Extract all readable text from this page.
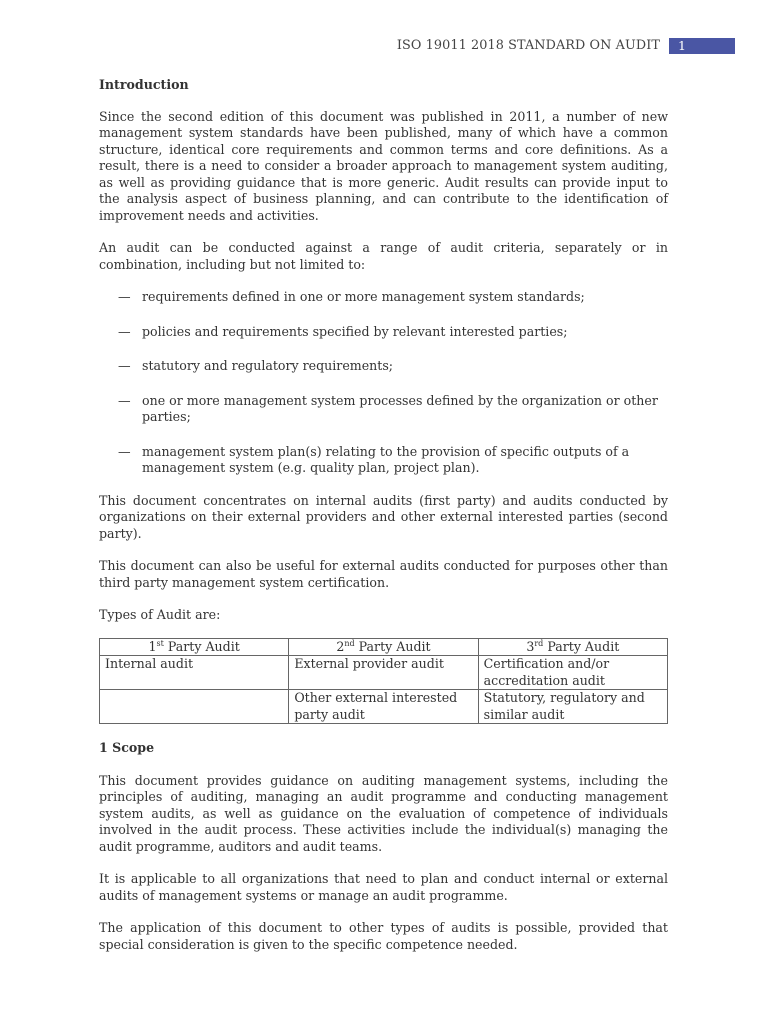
ISO 19011 2018 STANDARD ON AUDIT	1
Introduction

Since the second edition of this document was published in 2011, a number of new management system standards have been published, many of which have a common structure, identical core requirements and common terms and core definitions. As a result, there is a need to consider a broader approach to management system auditing, as well as providing guidance that is more generic. Audit results can provide input to the analysis aspect of business planning, and can contribute to the identification of improvement needs and activities.

An audit can be conducted against a range of audit criteria, separately or in combination, including but not limited to:

— requirements defined in one or more management system standards;
— policies and requirements specified by relevant interested parties;
— statutory and regulatory requirements;
— one or more management system processes defined by the organization or other parties;
— management system plan(s) relating to the provision of specific outputs of a management system (e.g. quality plan, project plan).

This document concentrates on internal audits (first party) and audits conducted by organizations on their external providers and other external interested parties (second party).

This document can also be useful for external audits conducted for purposes other than third party management system certification.

Types of Audit are:

1st Party Audit	2nd Party Audit	3rd Party Audit
Internal audit	External provider audit	Certification and/or accreditation audit
	Other external interested party audit	Statutory, regulatory and similar audit
1 Scope

This document provides guidance on auditing management systems, including the principles of auditing, managing an audit programme and conducting management system audits, as well as guidance on the evaluation of competence of individuals involved in the audit process. These activities include the individual(s) managing the audit programme, auditors and audit teams.

It is applicable to all organizations that need to plan and conduct internal or external audits of management systems or manage an audit programme.

The application of this document to other types of audits is possible, provided that special consideration is given to the specific competence needed.
